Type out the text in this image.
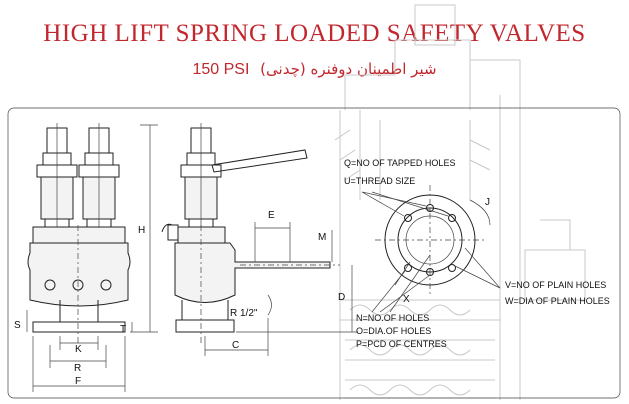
HIGH LIFT SPRING LOADED SAFETY VALVES
150 PSI شیر اطمینان دوفنره (چدنی)
H
S	T
K
R
F
E
M
D
R 1/2"
C
X
J
Q=NO OF TAPPED HOLES
U=THREAD SIZE
V=NO OF PLAIN HOLES
W=DIA OF PLAIN HOLES
N=NO.OF HOLES
O=DIA.OF HOLES
P=PCD OF CENTRES
